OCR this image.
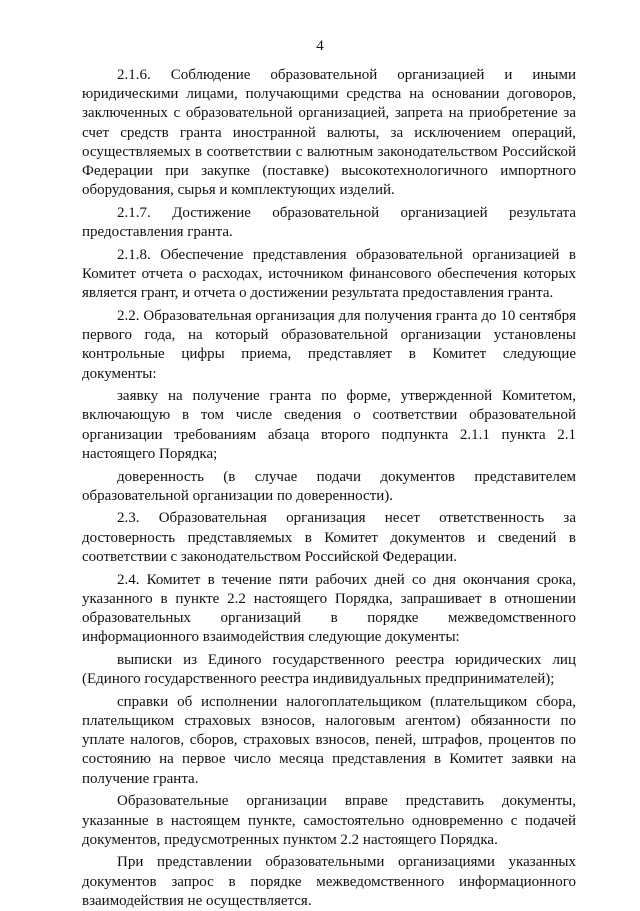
4

2.1.6. Соблюдение образовательной организацией и иными юридическими лицами, получающими средства на основании договоров, заключенных с образовательной организацией, запрета на приобретение за счет средств гранта иностранной валюты, за исключением операций, осуществляемых в соответствии с валютным законодательством Российской Федерации при закупке (поставке) высокотехнологичного импортного оборудования, сырья и комплектующих изделий.

2.1.7. Достижение образовательной организацией результата предоставления гранта.

2.1.8. Обеспечение представления образовательной организацией в Комитет отчета о расходах, источником финансового обеспечения которых является грант, и отчета о достижении результата предоставления гранта.

2.2. Образовательная организация для получения гранта до 10 сентября первого года, на который образовательной организации установлены контрольные цифры приема, представляет в Комитет следующие документы:

заявку на получение гранта по форме, утвержденной Комитетом, включающую в том числе сведения о соответствии образовательной организации требованиям абзаца второго подпункта 2.1.1 пункта 2.1 настоящего Порядка;

доверенность (в случае подачи документов представителем образовательной организации по доверенности).

2.3. Образовательная организация несет ответственность за достоверность представляемых в Комитет документов и сведений в соответствии с законодательством Российской Федерации.

2.4. Комитет в течение пяти рабочих дней со дня окончания срока, указанного в пункте 2.2 настоящего Порядка, запрашивает в отношении образовательных организаций в порядке межведомственного информационного взаимодействия следующие документы:

выписки из Единого государственного реестра юридических лиц (Единого государственного реестра индивидуальных предпринимателей);

справки об исполнении налогоплательщиком (плательщиком сбора, плательщиком страховых взносов, налоговым агентом) обязанности по уплате налогов, сборов, страховых взносов, пеней, штрафов, процентов по состоянию на первое число месяца представления в Комитет заявки на получение гранта.

Образовательные организации вправе представить документы, указанные в настоящем пункте, самостоятельно одновременно с подачей документов, предусмотренных пунктом 2.2 настоящего Порядка.

При представлении образовательными организациями указанных документов запрос в порядке межведомственного информационного взаимодействия не осуществляется.
